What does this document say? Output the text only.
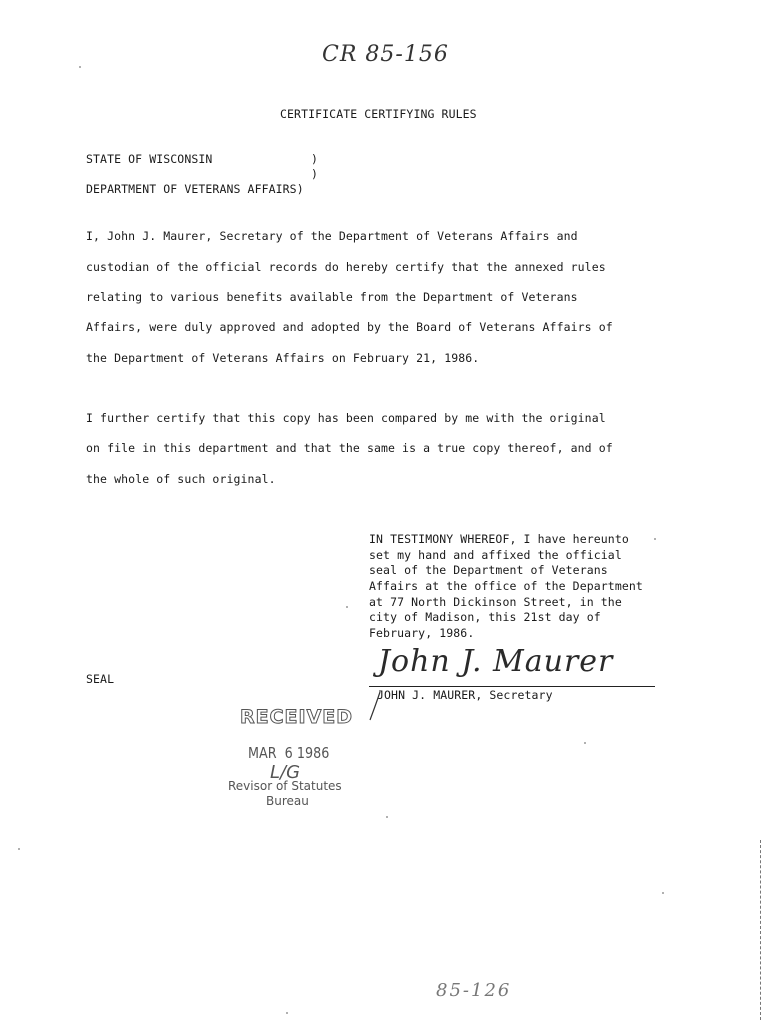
CR 85-156
CERTIFICATE CERTIFYING RULES
STATE OF WISCONSIN	)
)
DEPARTMENT OF VETERANS AFFAIRS)
I, John J. Maurer, Secretary of the Department of Veterans Affairs and
custodian of the official records do hereby certify that the annexed rules
relating to various benefits available from the Department of Veterans
Affairs, were duly approved and adopted by the Board of Veterans Affairs of
the Department of Veterans Affairs on February 21, 1986.
I further certify that this copy has been compared by me with the original
on file in this department and that the same is a true copy thereof, and of
the whole of such original.
IN TESTIMONY WHEREOF, I have hereunto
set my hand and affixed the official
seal of the Department of Veterans
Affairs at the office of the Department
at 77 North Dickinson Street, in the
city of Madison, this 21st day of
February, 1986.
John J. Maurer
JOHN J. MAURER, Secretary
SEAL
RECEIVED
MAR  6 1986
L/G
Revisor of Statutes
Bureau
85-126
